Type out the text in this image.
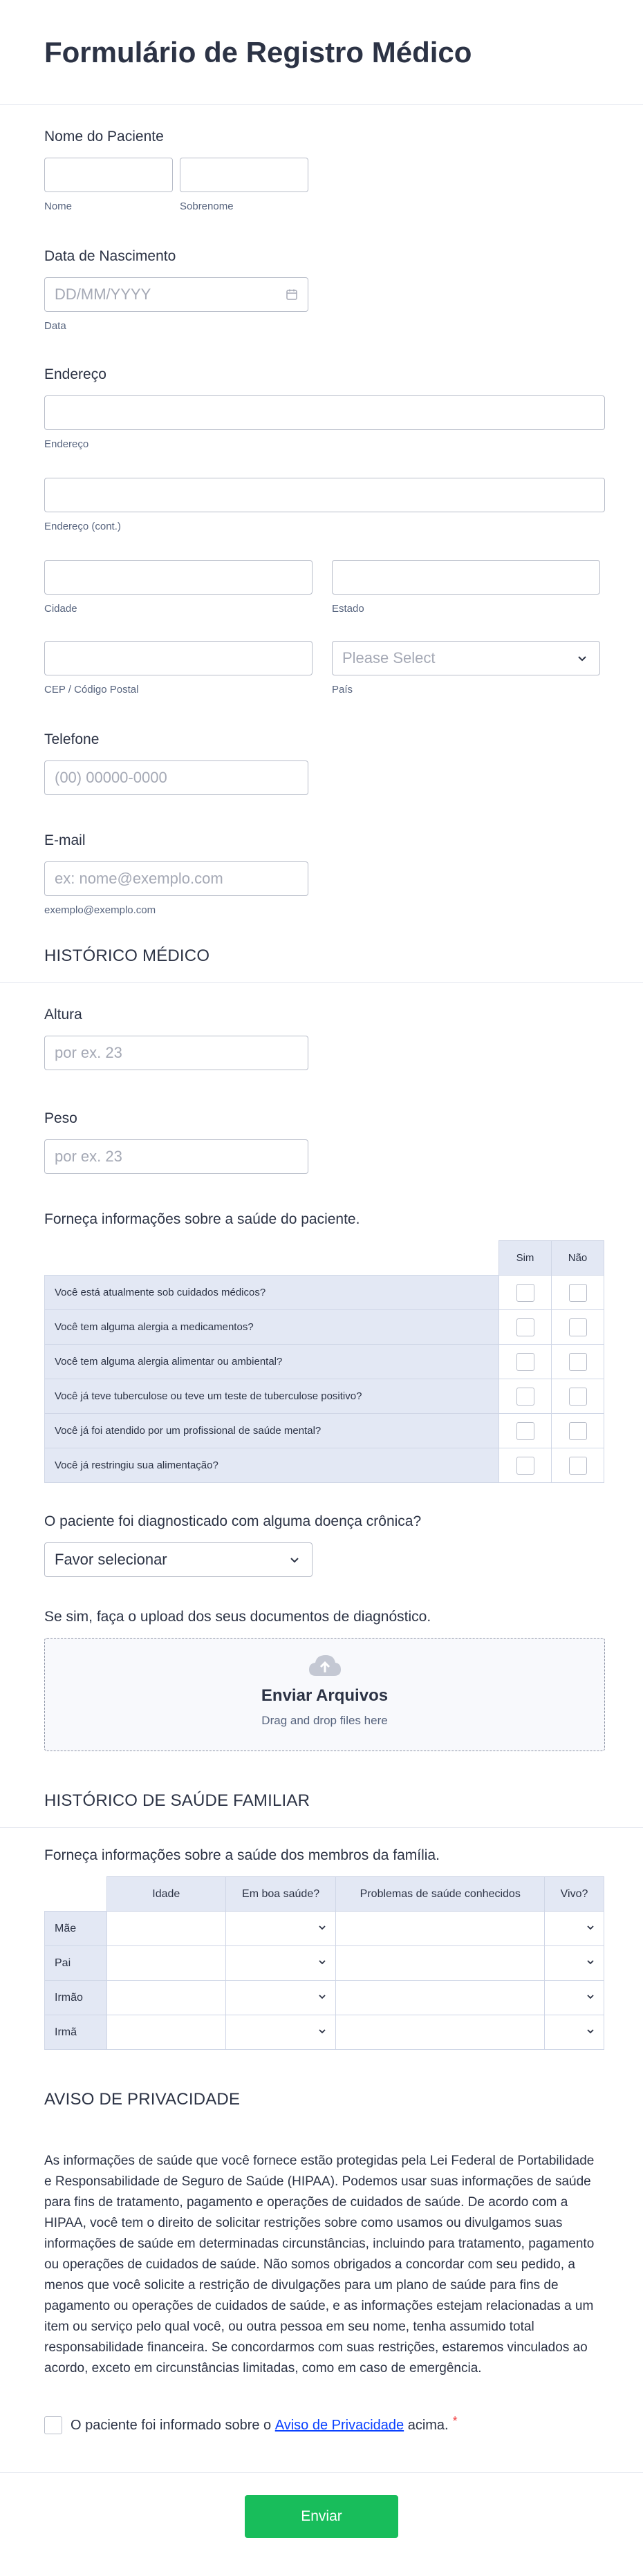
Formulário de Registro Médico
Nome do Paciente
Nome	Sobrenome
Data de Nascimento
DD/MM/YYYY
Data
Endereço
Endereço
Endereço (cont.)
Cidade	Estado
CEP / Código Postal
Please Select
País
Telefone
(00) 00000-0000
E-mail
ex: nome@exemplo.com
exemplo@exemplo.com
HISTÓRICO MÉDICO
Altura
por ex. 23
Peso
por ex. 23
Forneça informações sobre a saúde do paciente.
	Sim	Não
Você está atualmente sob cuidados médicos?		
Você tem alguma alergia a medicamentos?		
Você tem alguma alergia alimentar ou ambiental?		
Você já teve tuberculose ou teve um teste de tuberculose positivo?		
Você já foi atendido por um profissional de saúde mental?		
Você já restringiu sua alimentação?		
O paciente foi diagnosticado com alguma doença crônica?
Favor selecionar
Se sim, faça o upload dos seus documentos de diagnóstico.
Enviar Arquivos
Drag and drop files here
HISTÓRICO DE SAÚDE FAMILIAR
Forneça informações sobre a saúde dos membros da família.
	Idade	Em boa saúde?	Problemas de saúde conhecidos	Vivo?
Mãe		

Pai		

Irmão		

Irmã		

AVISO DE PRIVACIDADE
As informações de saúde que você fornece estão protegidas pela Lei Federal de Portabilidade e Responsabilidade de Seguro de Saúde (HIPAA). Podemos usar suas informações de saúde para fins de tratamento, pagamento e operações de cuidados de saúde. De acordo com a HIPAA, você tem o direito de solicitar restrições sobre como usamos ou divulgamos suas informações de saúde em determinadas circunstâncias, incluindo para tratamento, pagamento ou operações de cuidados de saúde. Não somos obrigados a concordar com seu pedido, a menos que você solicite a restrição de divulgações para um plano de saúde para fins de pagamento ou operações de cuidados de saúde, e as informações estejam relacionadas a um item ou serviço pelo qual você, ou outra pessoa em seu nome, tenha assumido total responsabilidade financeira. Se concordarmos com suas restrições, estaremos vinculados ao acordo, exceto em circunstâncias limitadas, como em caso de emergência.
O paciente foi informado sobre o Aviso de Privacidade acima. *
Enviar
